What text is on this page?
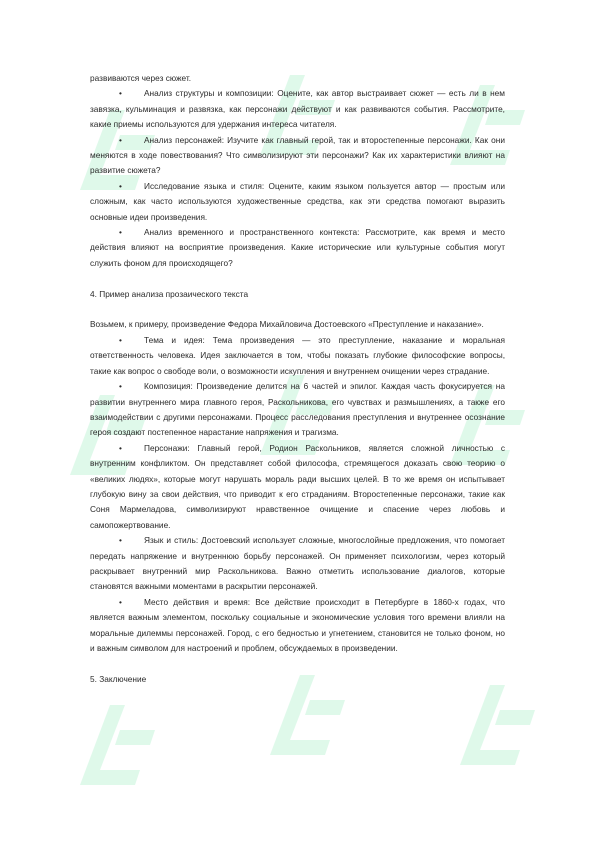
развиваются через сюжет.

•	Анализ структуры и композиции: Оцените, как автор выстраивает сюжет — есть ли в нем завязка, кульминация и развязка, как персонажи действуют и как развиваются события. Рассмотрите, какие приемы используются для удержания интереса читателя.

•	Анализ персонажей: Изучите как главный герой, так и второстепенные персонажи. Как они меняются в ходе повествования? Что символизируют эти персонажи? Как их характеристики влияют на развитие сюжета?

•	Исследование языка и стиля: Оцените, каким языком пользуется автор — простым или сложным, как часто используются художественные средства, как эти средства помогают выразить основные идеи произведения.

•	Анализ временного и пространственного контекста: Рассмотрите, как время и место действия влияют на восприятие произведения. Какие исторические или культурные события могут служить фоном для происходящего?

4. Пример анализа прозаического текста

Возьмем, к примеру, произведение Федора Михайловича Достоевского «Преступление и наказание».

•	Тема и идея: Тема произведения — это преступление, наказание и моральная ответственность человека. Идея заключается в том, чтобы показать глубокие философские вопросы, такие как вопрос о свободе воли, о возможности искупления и внутреннем очищении через страдание.

•	Композиция: Произведение делится на 6 частей и эпилог. Каждая часть фокусируется на развитии внутреннего мира главного героя, Раскольникова, его чувствах и размышлениях, а также его взаимодействии с другими персонажами. Процесс расследования преступления и внутреннее осознание героя создают постепенное нарастание напряжения и трагизма.

•	Персонажи: Главный герой, Родион Раскольников, является сложной личностью с внутренним конфликтом. Он представляет собой философа, стремящегося доказать свою теорию о «великих людях», которые могут нарушать мораль ради высших целей. В то же время он испытывает глубокую вину за свои действия, что приводит к его страданиям. Второстепенные персонажи, такие как Соня Мармеладова, символизируют нравственное очищение и спасение через любовь и самопожертвование.

•	Язык и стиль: Достоевский использует сложные, многослойные предложения, что помогает передать напряжение и внутреннюю борьбу персонажей. Он применяет психологизм, через который раскрывает внутренний мир Раскольникова. Важно отметить использование диалогов, которые становятся важными моментами в раскрытии персонажей.

•	Место действия и время: Все действие происходит в Петербурге в 1860-х годах, что является важным элементом, поскольку социальные и экономические условия того времени влияли на моральные дилеммы персонажей. Город, с его бедностью и угнетением, становится не только фоном, но и важным символом для настроений и проблем, обсуждаемых в произведении.

5. Заключение
